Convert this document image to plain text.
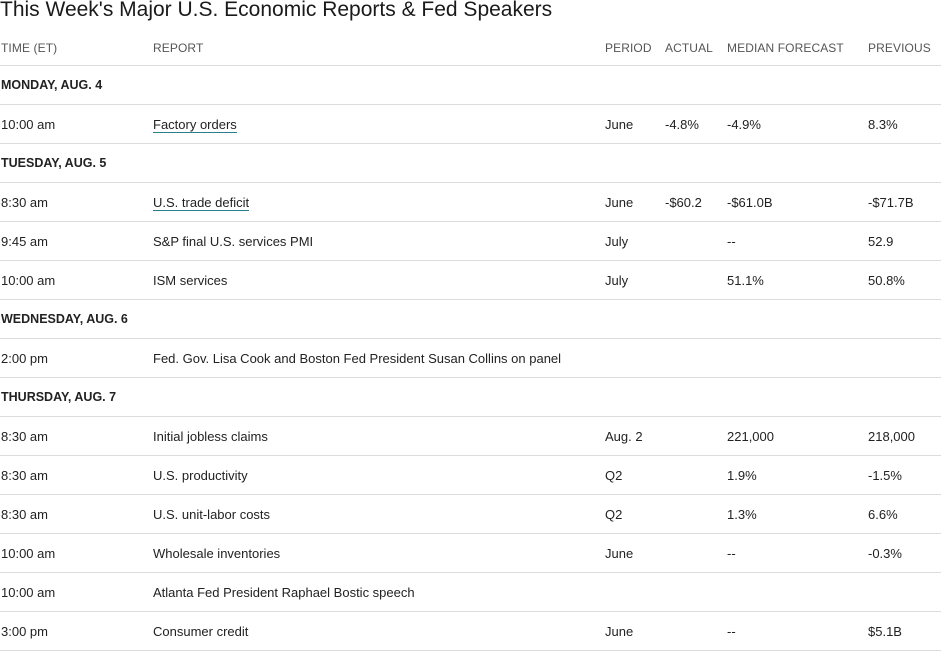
This Week's Major U.S. Economic Reports & Fed Speakers
TIME (ET)	REPORT	PERIOD	ACTUAL	MEDIAN FORECAST	PREVIOUS
MONDAY, AUG. 4					
10:00 am	Factory orders	June	-4.8%	-4.9%	8.3%
TUESDAY, AUG. 5					
8:30 am	U.S. trade deficit	June	-$60.2	-$61.0B	-$71.7B
9:45 am	S&P final U.S. services PMI	July		--	52.9
10:00 am	ISM services	July		51.1%	50.8%
WEDNESDAY, AUG. 6					
2:00 pm	Fed. Gov. Lisa Cook and Boston Fed President Susan Collins on panel				
THURSDAY, AUG. 7					
8:30 am	Initial jobless claims	Aug. 2		221,000	218,000
8:30 am	U.S. productivity	Q2		1.9%	-1.5%
8:30 am	U.S. unit-labor costs	Q2		1.3%	6.6%
10:00 am	Wholesale inventories	June		--	-0.3%
10:00 am	Atlanta Fed President Raphael Bostic speech				
3:00 pm	Consumer credit	June		--	$5.1B
